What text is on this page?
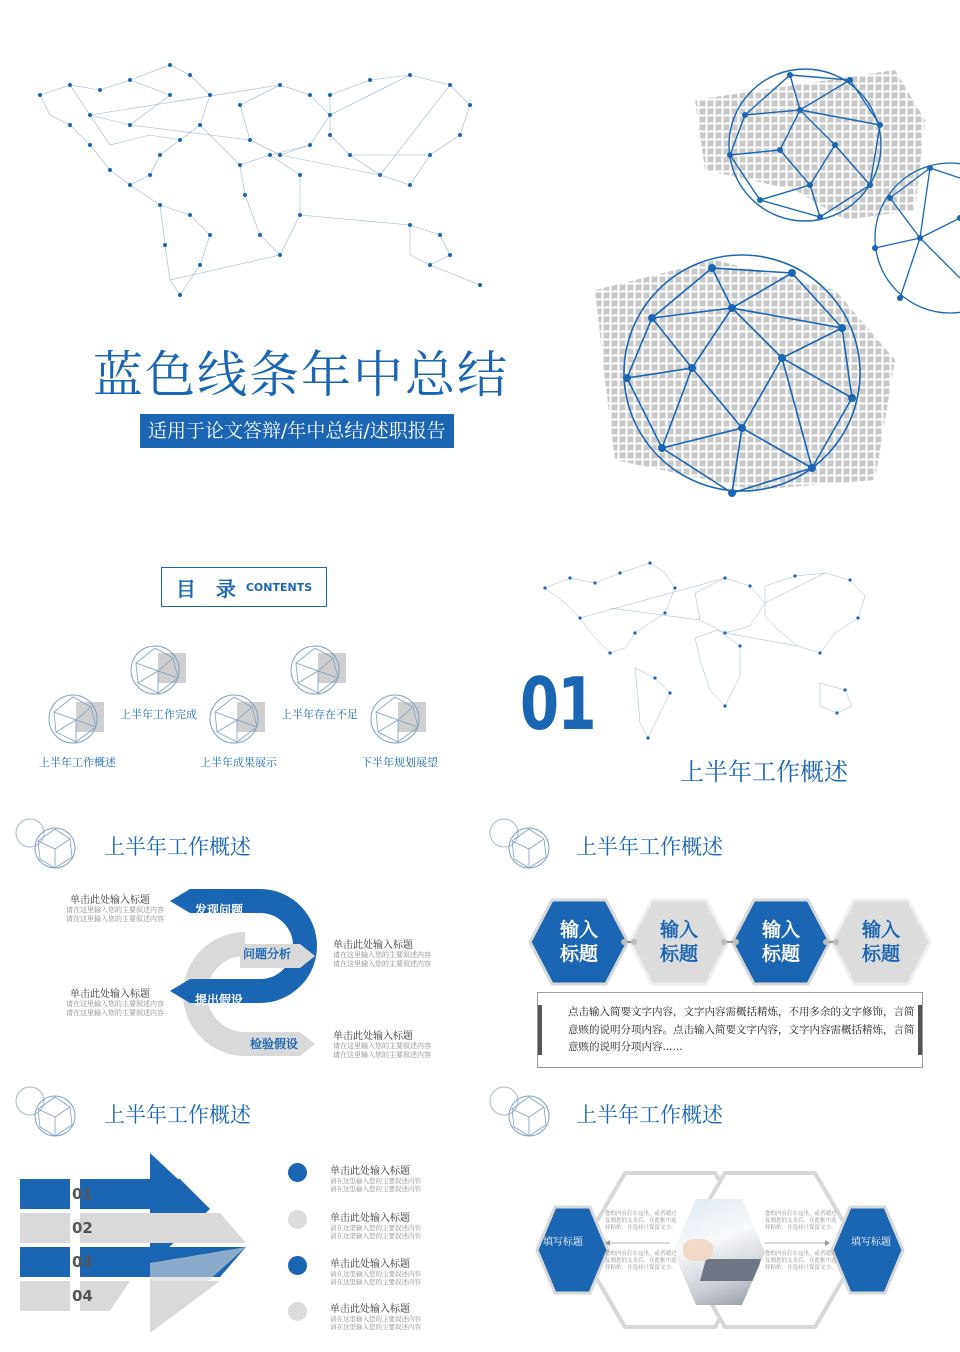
蓝色线条年中总结
适用于论文答辩/年中总结/述职报告
目　录 CONTENTS
上半年工作完成	上半年存在不足
上半年工作概述	上半年成果展示	下半年规划展望
01
上半年工作概述
上半年工作概述
发现问题
问题分析
提出假设
检验假设
单击此处输入标题
请在这里输入您的主要叙述内容
请在这里输入您的主要叙述内容
单击此处输入标题
请在这里输入您的主要叙述内容
请在这里输入您的主要叙述内容
单击此处输入标题
请在这里输入您的主要叙述内容
请在这里输入您的主要叙述内容
单击此处输入标题
请在这里输入您的主要叙述内容
请在这里输入您的主要叙述内容
上半年工作概述
输入
标题
输入
标题
输入
标题
输入
标题
点击输入简要文字内容，文字内容需概括精炼，不用多余的文字修饰，言简
意赅的说明分项内容。点击输入简要文字内容，文字内容需概括精炼，言简
意赅的说明分项内容......
上半年工作概述
01
02
03
04
单击此处输入标题
请在这里输入您的主要叙述内容
请在这里输入您的主要叙述内容
单击此处输入标题
请在这里输入您的主要叙述内容
请在这里输入您的主要叙述内容
单击此处输入标题
请在这里输入您的主要叙述内容
请在这里输入您的主要叙述内容
单击此处输入标题
请在这里输入您的主要叙述内容
请在这里输入您的主要叙述内容
上半年工作概述
填写标题	填写标题
您的内容打在这里，或者通过
复制您的文本后，在此框中选
择粘贴，并选择只保留文字。
您的内容打在这里，或者通过
复制您的文本后，在此框中选
择粘贴，并选择只保留文字。
您的内容打在这里，或者通过
复制您的文本后，在此框中选
择粘贴，并选择只保留文字。
您的内容打在这里，或者通过
复制您的文本后，在此框中选
择粘贴，并选择只保留文字。
